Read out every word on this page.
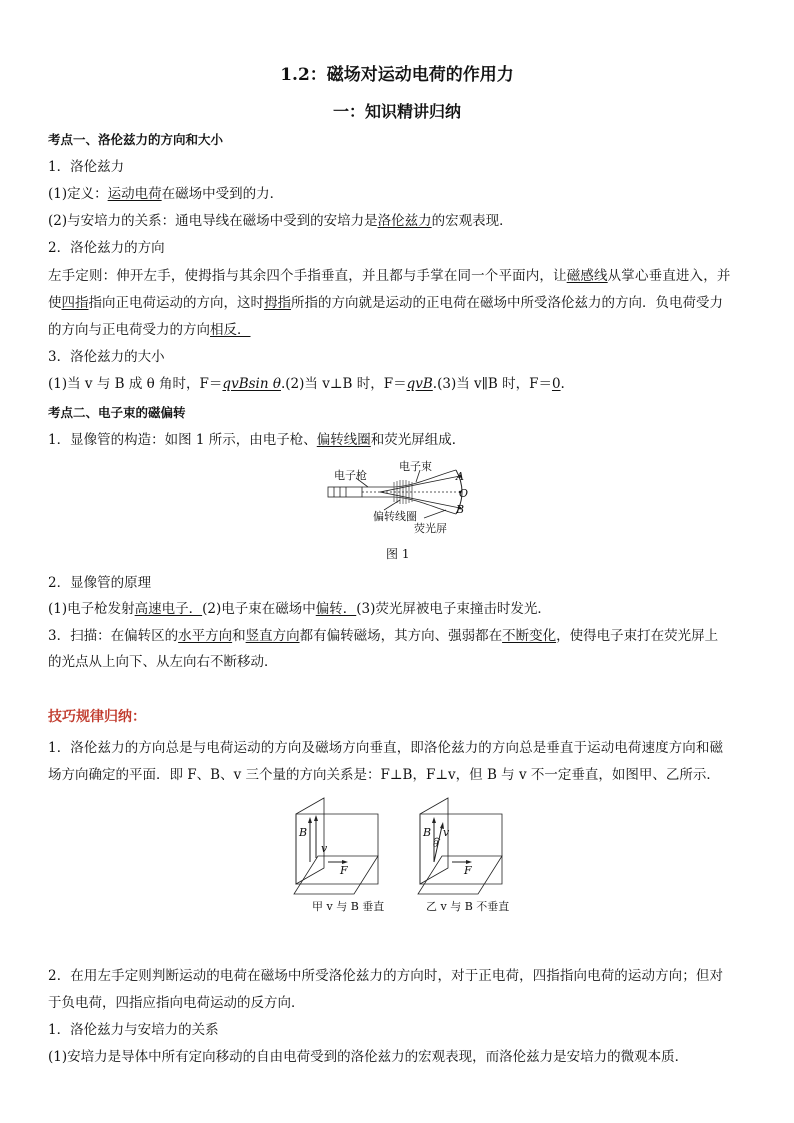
1.2：磁场对运动电荷的作用力
一：知识精讲归纳
考点一、洛伦兹力的方向和大小
1．洛伦兹力
(1)定义：运动电荷在磁场中受到的力．
(2)与安培力的关系：通电导线在磁场中受到的安培力是洛伦兹力的宏观表现．
2．洛伦兹力的方向
左手定则：伸开左手，使拇指与其余四个手指垂直，并且都与手掌在同一个平面内，让磁感线从掌心垂直进入，并
使四指指向正电荷运动的方向，这时拇指所指的方向就是运动的正电荷在磁场中所受洛伦兹力的方向．负电荷受力
的方向与正电荷受力的方向相反．
3．洛伦兹力的大小
(1)当 v 与 B 成 θ 角时，F＝qvBsin θ.(2)当 v⊥B 时，F＝qvB.(3)当 v∥B 时，F＝0.
考点二、电子束的磁偏转
1．显像管的构造：如图 1 所示，由电子枪、偏转线圈和荧光屏组成．
电子枪
电子束
偏转线圈
荧光屏
A
O
B
图 1
2．显像管的原理
(1)电子枪发射高速电子．(2)电子束在磁场中偏转．(3)荧光屏被电子束撞击时发光．
3．扫描：在偏转区的水平方向和竖直方向都有偏转磁场，其方向、强弱都在不断变化，使得电子束打在荧光屏上
的光点从上向下、从左向右不断移动．
技巧规律归纳：
1．洛伦兹力的方向总是与电荷运动的方向及磁场方向垂直，即洛伦兹力的方向总是垂直于运动电荷速度方向和磁
场方向确定的平面．即 F、B、v 三个量的方向关系是：F⊥B，F⊥v，但 B 与 v 不一定垂直，如图甲、乙所示．
B
v
F
甲 v 与 B 垂直
B v
θ
F
乙 v 与 B 不垂直
2．在用左手定则判断运动的电荷在磁场中所受洛伦兹力的方向时，对于正电荷，四指指向电荷的运动方向；但对
于负电荷，四指应指向电荷运动的反方向．
1．洛伦兹力与安培力的关系
(1)安培力是导体中所有定向移动的自由电荷受到的洛伦兹力的宏观表现，而洛伦兹力是安培力的微观本质．
